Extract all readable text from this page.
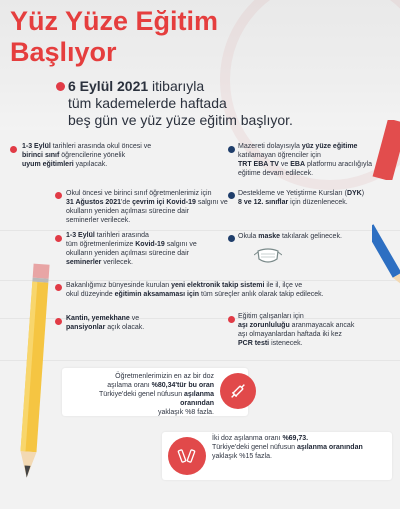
Yüz Yüze Eğitim
Başlıyor
6 Eylül 2021 itibarıyla
tüm kademelerde haftada
beş gün ve yüz yüze eğitim başlıyor.
1-3 Eylül tarihleri arasında okul öncesi ve
birinci sınıf öğrencilerine yönelik
uyum eğitimleri yapılacak.
Okul öncesi ve birinci sınıf öğretmenlerimiz için
31 Ağustos 2021'de çevrim içi Kovid-19 salgını ve
okulların yeniden açılması sürecine dair
seminerler verilecek.
1-3 Eylül tarihleri arasında
tüm öğretmenlerimize Kovid-19 salgını ve
okulların yeniden açılması sürecine dair
seminerler verilecek.
Mazereti dolayısıyla yüz yüze eğitime
katılamayan öğrenciler için
TRT EBA TV ve EBA platformu aracılığıyla
eğitime devam edilecek.
Destekleme ve Yetiştirme Kursları (DYK)
8 ve 12. sınıflar için düzenlenecek.
Okula maske takılarak gelinecek.
Bakanlığımız bünyesinde kurulan yeni elektronik takip sistemi ile il, ilçe ve
okul düzeyinde eğitimin aksamaması için tüm süreçler anlık olarak takip edilecek.
Kantin, yemekhane ve
pansiyonlar açık olacak.
Eğitim çalışanları için
aşı zorunluluğu aranmayacak ancak
aşı olmayanlardan haftada iki kez
PCR testi istenecek.
Öğretmenlerimizin en az bir doz
aşılama oranı %80,34'tür bu oran
Türkiye'deki genel nüfusun aşılanma oranından
yaklaşık %8 fazla.
İki doz aşılanma oranı %69,73.
Türkiye'deki genel nüfusun aşılanma oranından
yaklaşık %15 fazla.
